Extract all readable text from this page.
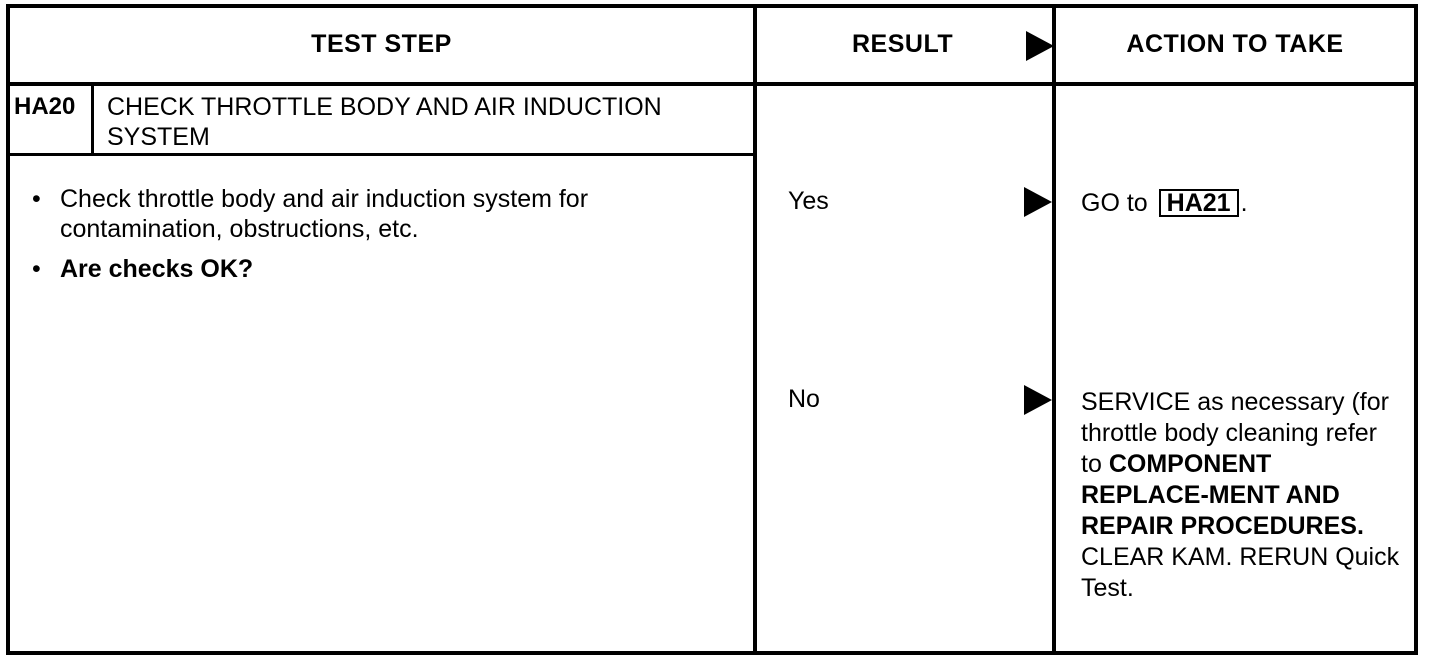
TEST STEP	RESULT	ACTION TO TAKE
HA20 CHECK THROTTLE BODY AND AIR INDUCTION SYSTEM
• Check throttle body and air induction system for contamination, obstructions, etc.
• Are checks OK?
Yes	GO to HA21 .
No	SERVICE as necessary (for throttle body cleaning refer to COMPONENT REPLACE-MENT AND REPAIR PROCEDURES. CLEAR KAM. RERUN Quick Test.
